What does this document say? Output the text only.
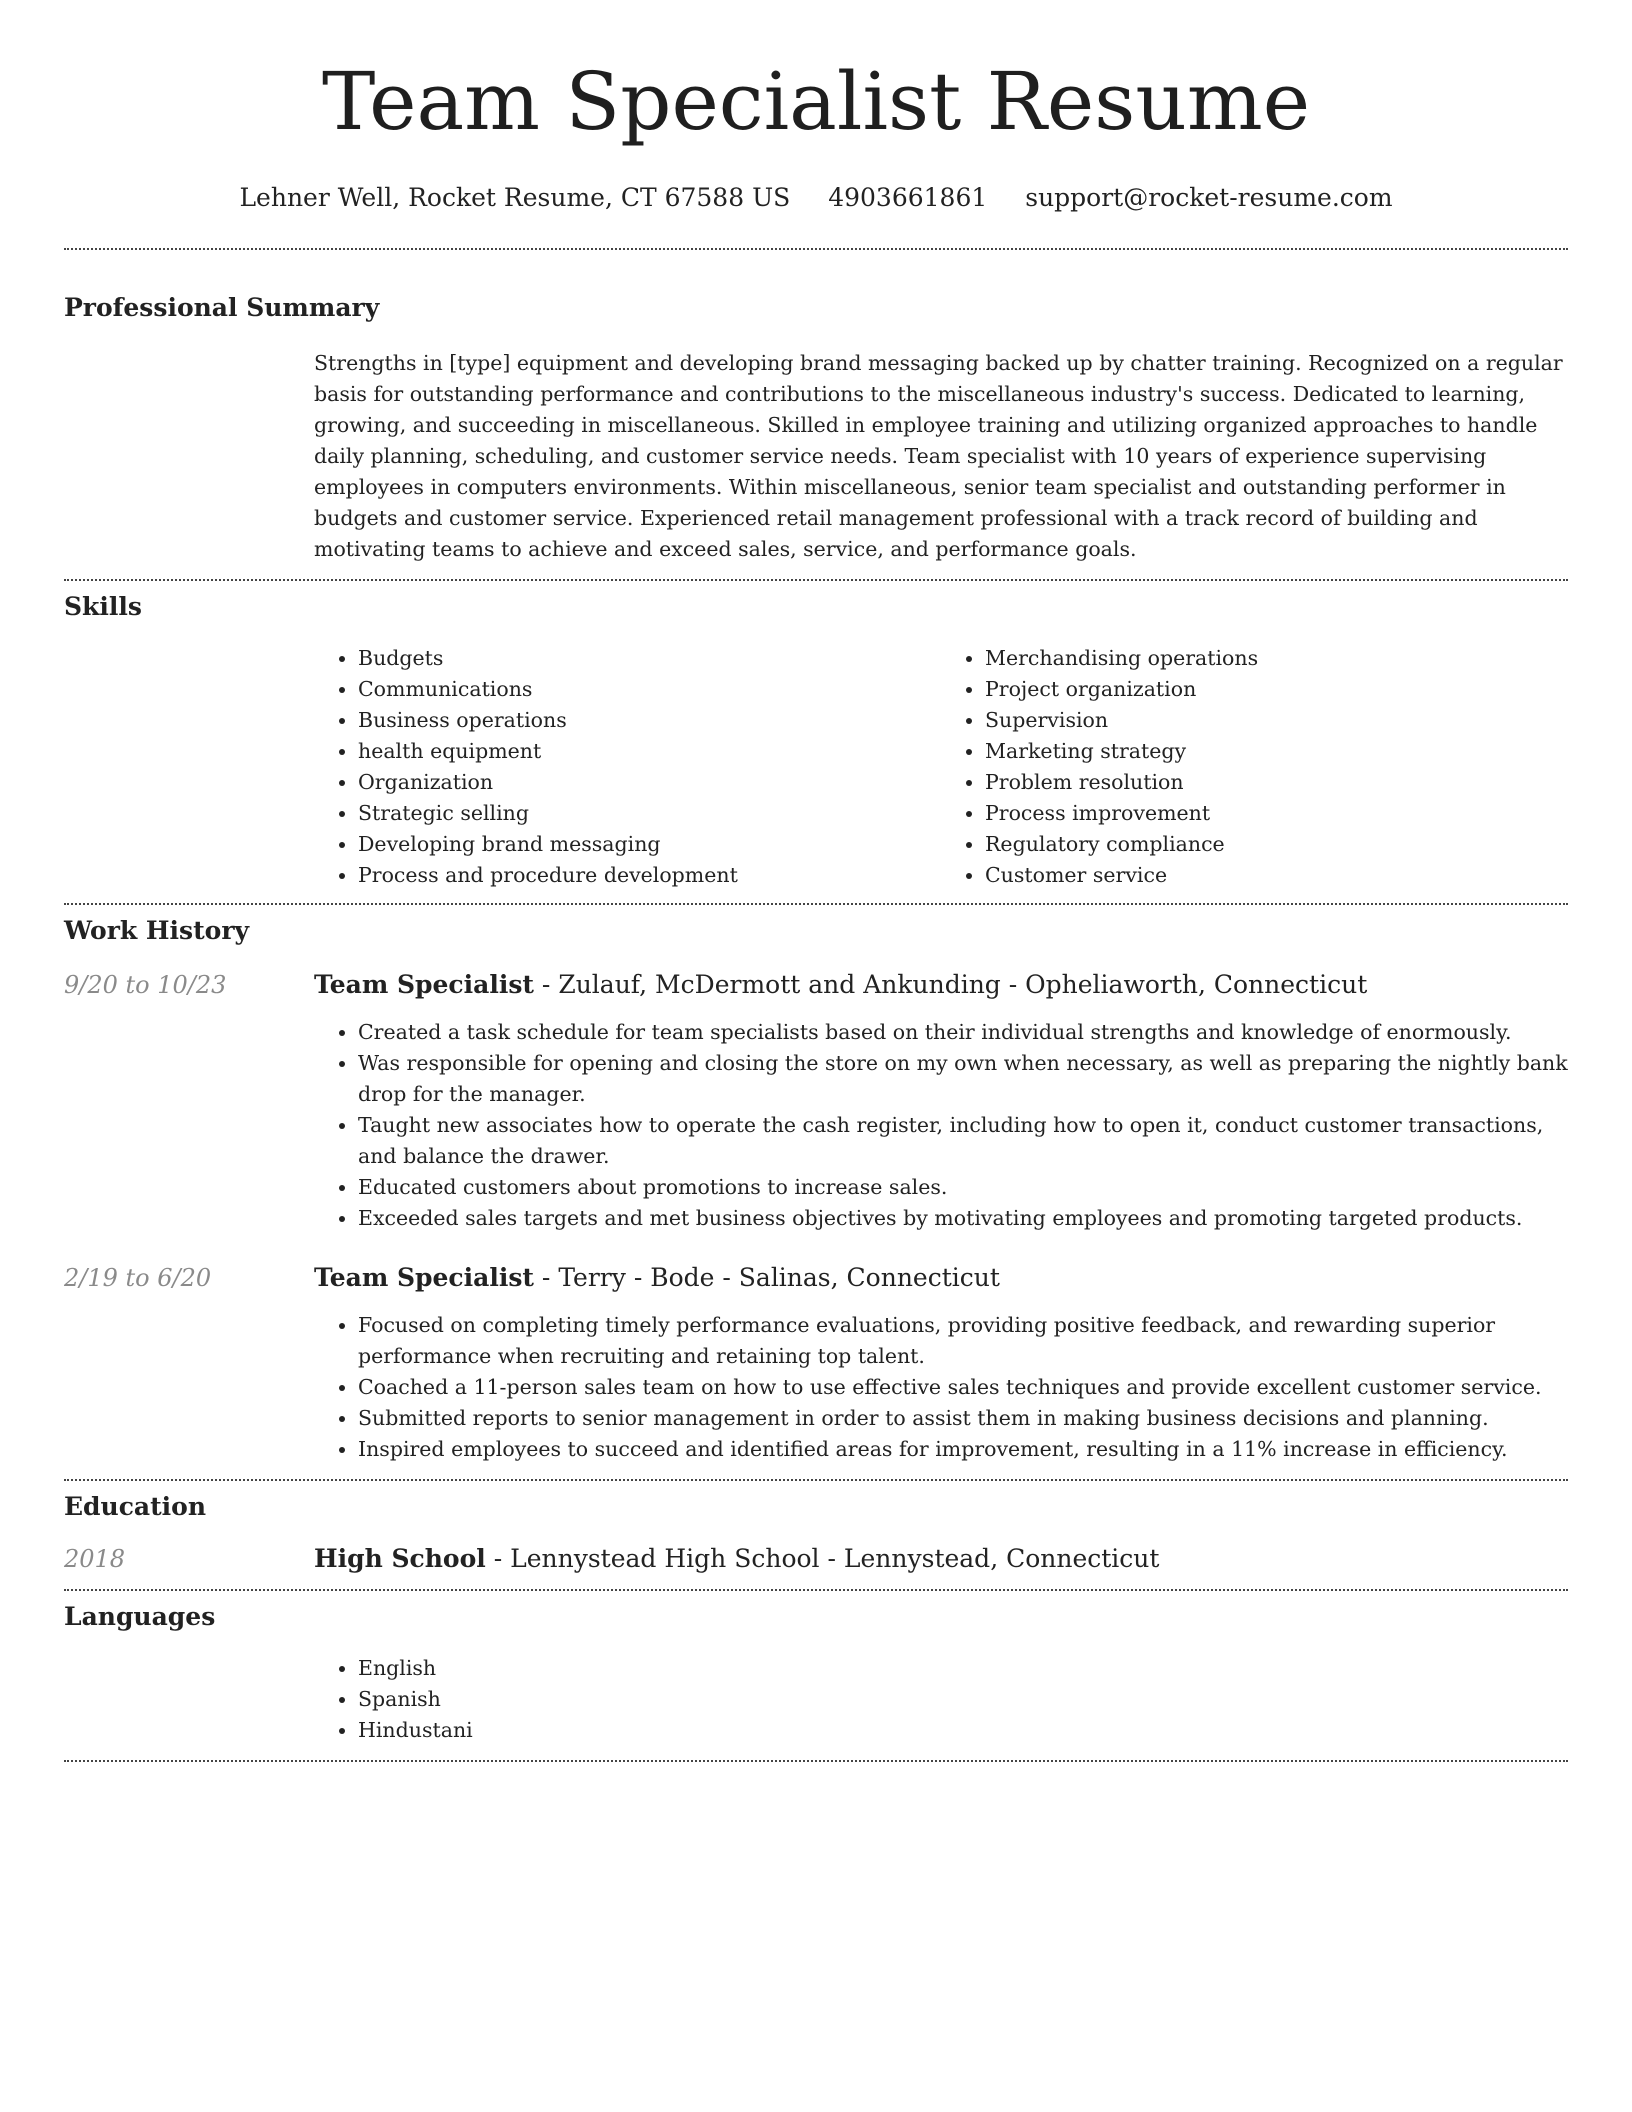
Team Specialist Resume
Lehner Well, Rocket Resume, CT 67588 US 4903661861 support@rocket-resume.com
Professional Summary
Strengths in [type] equipment and developing brand messaging backed up by chatter training. Recognized on a regular basis for outstanding performance and contributions to the miscellaneous industry's success. Dedicated to learning, growing, and succeeding in miscellaneous. Skilled in employee training and utilizing organized approaches to handle daily planning, scheduling, and customer service needs. Team specialist with 10 years of experience supervising employees in computers environments. Within miscellaneous, senior team specialist and outstanding performer in budgets and customer service. Experienced retail management professional with a track record of building and motivating teams to achieve and exceed sales, service, and performance goals.
Skills
• Budgets
• Communications
• Business operations
• health equipment
• Organization
• Strategic selling
• Developing brand messaging
• Process and procedure development
• Merchandising operations
• Project organization
• Supervision
• Marketing strategy
• Problem resolution
• Process improvement
• Regulatory compliance
• Customer service
Work History
9/20 to 10/23	Team Specialist - Zulauf, McDermott and Ankunding - Opheliaworth, Connecticut
• Created a task schedule for team specialists based on their individual strengths and knowledge of enormously.
• Was responsible for opening and closing the store on my own when necessary, as well as preparing the nightly bank drop for the manager.
• Taught new associates how to operate the cash register, including how to open it, conduct customer transactions, and balance the drawer.
• Educated customers about promotions to increase sales.
• Exceeded sales targets and met business objectives by motivating employees and promoting targeted products.
2/19 to 6/20	Team Specialist - Terry - Bode - Salinas, Connecticut
• Focused on completing timely performance evaluations, providing positive feedback, and rewarding superior performance when recruiting and retaining top talent.
• Coached a 11-person sales team on how to use effective sales techniques and provide excellent customer service.
• Submitted reports to senior management in order to assist them in making business decisions and planning.
• Inspired employees to succeed and identified areas for improvement, resulting in a 11% increase in efficiency.
Education
2018	High School - Lennystead High School - Lennystead, Connecticut
Languages
• English
• Spanish
• Hindustani
